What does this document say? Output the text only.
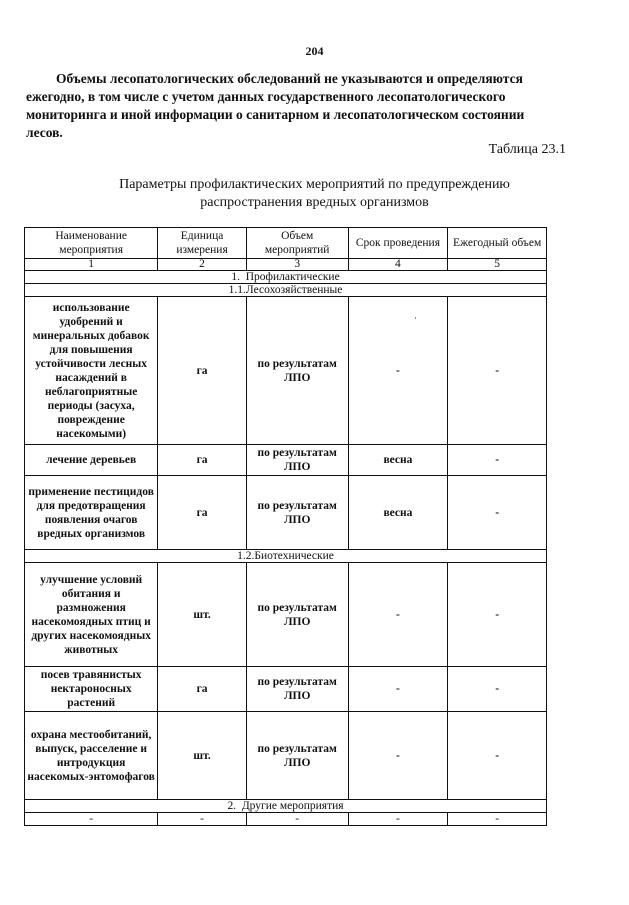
204
Объемы лесопатологических обследований не указываются и определяются
ежегодно, в том числе с учетом данных государственного лесопатологического
мониторинга и иной информации о санитарном и лесопатологическом состоянии
лесов.
Таблица 23.1
Параметры профилактических мероприятий по предупреждению
распространения вредных организмов
·
Наименование мероприятия	Единица измерения	Объем мероприятий	Срок проведения	Ежегодный объем
1	2	3	4	5
1.  Профилактические				
1.1.Лесохозяйственные				
использование удобрений и минеральных добавок для повышения устойчивости лесных насаждений в неблагоприятные периоды (засуха, повреждение насекомыми)	га	по результатам ЛПО	-	-
лечение деревьев	га	по результатам ЛПО	весна	-
применение пестицидов для предотвращения появления очагов вредных организмов	га	по результатам ЛПО	весна	-
1.2.Биотехнические				
улучшение условий обитания и размножения насекомоядных птиц и других насекомоядных животных	шт.	по результатам ЛПО	-	-
посев травянистых нектароносных растений	га	по результатам ЛПО	-	-
охрана местообитаний, выпуск, расселение и интродукция насекомых-энтомофагов	шт.	по результатам ЛПО	-	-
2.  Другие мероприятия				
-	-	-	-	-
